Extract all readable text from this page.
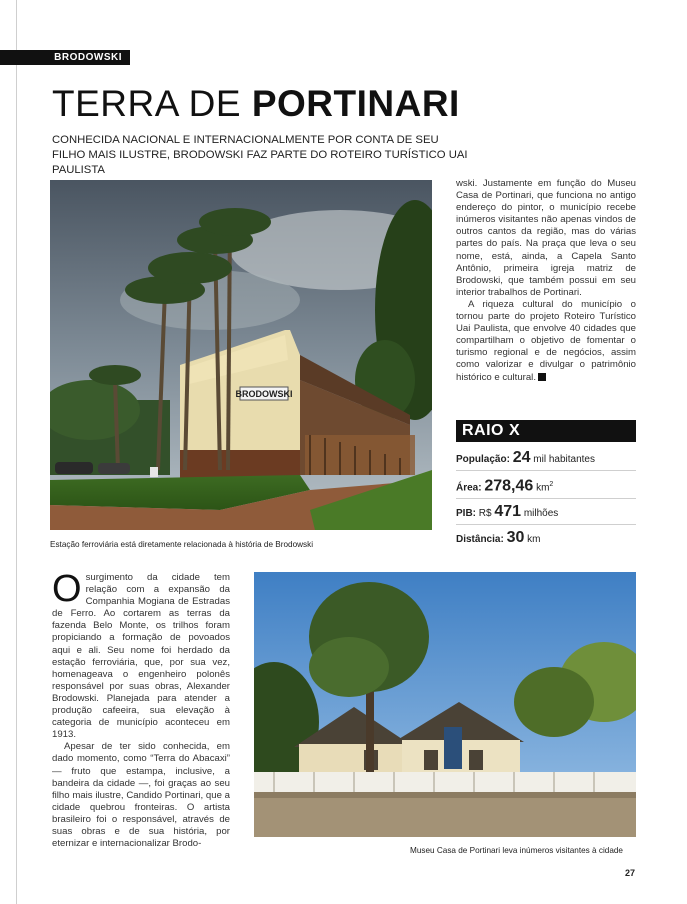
BRODOWSKI
TERRA DE PORTINARI
CONHECIDA NACIONAL E INTERNACIONALMENTE POR CONTA DE SEU FILHO MAIS ILUSTRE, BRODOWSKI FAZ PARTE DO ROTEIRO TURÍSTICO UAI PAULISTA
BRODOWSKI
Estação ferroviária está diretamente relacionada à história de Brodowski

wski. Justamente em função do Museu Casa de Portinari, que funciona no antigo endereço do pintor, o município recebe inúmeros visitantes não apenas vindos de outros cantos da região, mas do várias partes do país. Na praça que leva o seu nome, está, ainda, a Capela Santo Antônio, primeira igreja matriz de Brodowski, que também possui em seu interior trabalhos de Portinari.

A riqueza cultural do município o tornou parte do projeto Roteiro Turístico Uai Paulista, que envolve 40 cidades que compartilham o objetivo de fomentar o turismo regional e de negócios, assim como valorizar e divulgar o patrimônio histórico e cultural.

RAIO X
População: 24 mil habitantes
Área: 278,46 $km^2$
PIB: R$ 471 milhões
Distância: 30 km

Osurgimento da cidade tem relação com a expansão da Companhia Mogiana de Estradas de Ferro. Ao cortarem as terras da fazenda Belo Monte, os trilhos foram propiciando a formação de povoados aqui e ali. Seu nome foi herdado da estação ferroviária, que, por sua vez, homenageava o engenheiro polonês responsável por suas obras, Alexander Brodowski. Planejada para atender a produção cafeeira, sua elevação à categoria de município aconteceu em 1913.

Apesar de ter sido conhecida, em dado momento, como “Terra do Abacaxi” — fruto que estampa, inclusive, a bandeira da cidade —, foi graças ao seu filho mais ilustre, Candido Portinari, que a cidade quebrou fronteiras. O artista brasileiro foi o responsável, através de suas obras e de sua história, por eternizar e internacionalizar Brodo-

Museu Casa de Portinari leva inúmeros visitantes à cidade
27
